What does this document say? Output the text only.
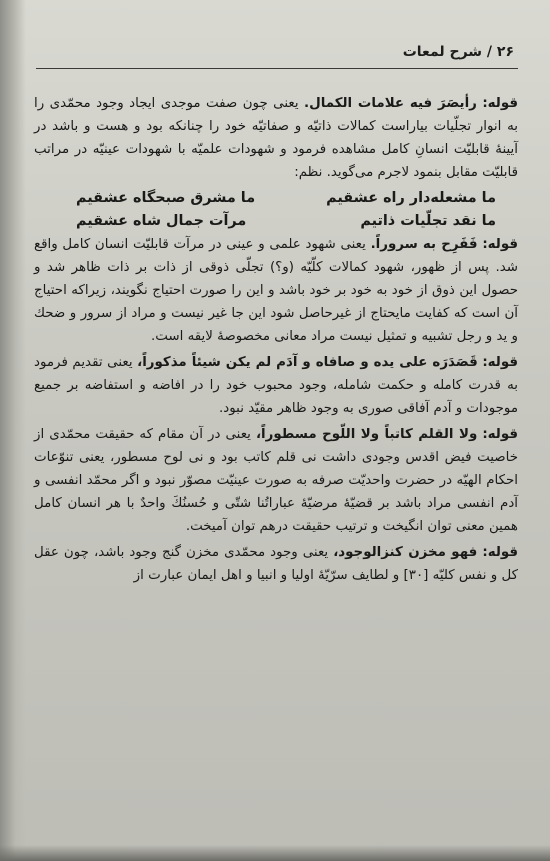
۲۶ / شرح لمعات

قوله: رأيصَرَ فيه علامات الكمال. يعنى چون صفت موجدى ايجاد وجود محمّدى را به انوار تجلّيات بياراست كمالات ذاتيّه و صفاتيّه خود را چنانكه بود و هست و باشد در آيينهٔ قابليّت انسانِ كامل مشاهده فرمود و شهودات علميّه با شهودات عينيّه در مراتب قابليّت مقابل بنمود لاجرم مى‌گويد. نظم:

ما مشعله‌دار راه عشقيم
ما مشرق صبحگاه عشقيم
ما نقد تجلّيات ذاتيم
مرآت جمال شاه عشقيم

قوله: فَفَرِح به سروراً. يعنى شهود علمى و عينى در مرآت قابليّت انسان كامل واقع شد. پس از ظهور، شهود كمالات كلّيّه (و؟) تجلّى ذوقى از ذات بر ذات ظاهر شد و حصول اين ذوق از خود به خود بر خود باشد و اين را صورت احتياج نگويند، زيراكه احتياج آن است كه كفايت مايحتاج از غيرحاصل شود اين جا غير نيست و مراد از سرور و ضحك و يد و رجل تشبيه و تمثيل نيست مراد معانى مخصوصهٔ لايقه است.

قوله: قَصَدَرَه على يده و صافاه و آدَم لم يكن شيئاً مذكوراً، يعنى تقديم فرمود به قدرت كامله و حكمت شامله، وجود محبوب خود را در افاضه و استفاضه بر جميع موجودات و آدم آفاقى صورى به وجود ظاهر مقيّد نبود.

قوله: ولا القلم كاتباً ولا اللّوح مسطوراً، يعنى در آن مقام كه حقيقت محمّدى از خاصيت فيض اقدس وجودى داشت نى قلم كاتب بود و نى لوح مسطور، يعنى تنوّعات احكام الهيّه در حضرت واحديّت صرفه به صورت عينيّت مصوّر نبود و اگر محمّد انفسى و آدم انفسى مراد باشد بر قضيّهٔ مرضيّهٔ عباراتُنا شتّى و حُسنُكَ واحدٌ با هر انسان كامل همين معنى توان انگيخت و ترتيب حقيقت درهم توان آميخت.

قوله: فهو مخزن كنزالوجود، يعنى وجود محمّدى مخزن گنج وجود باشد، چون عقل كل و نفس كليّه [۳۰] و لطايف سرّيّهٔ اوليا و انبيا و اهل ايمان عبارت از
